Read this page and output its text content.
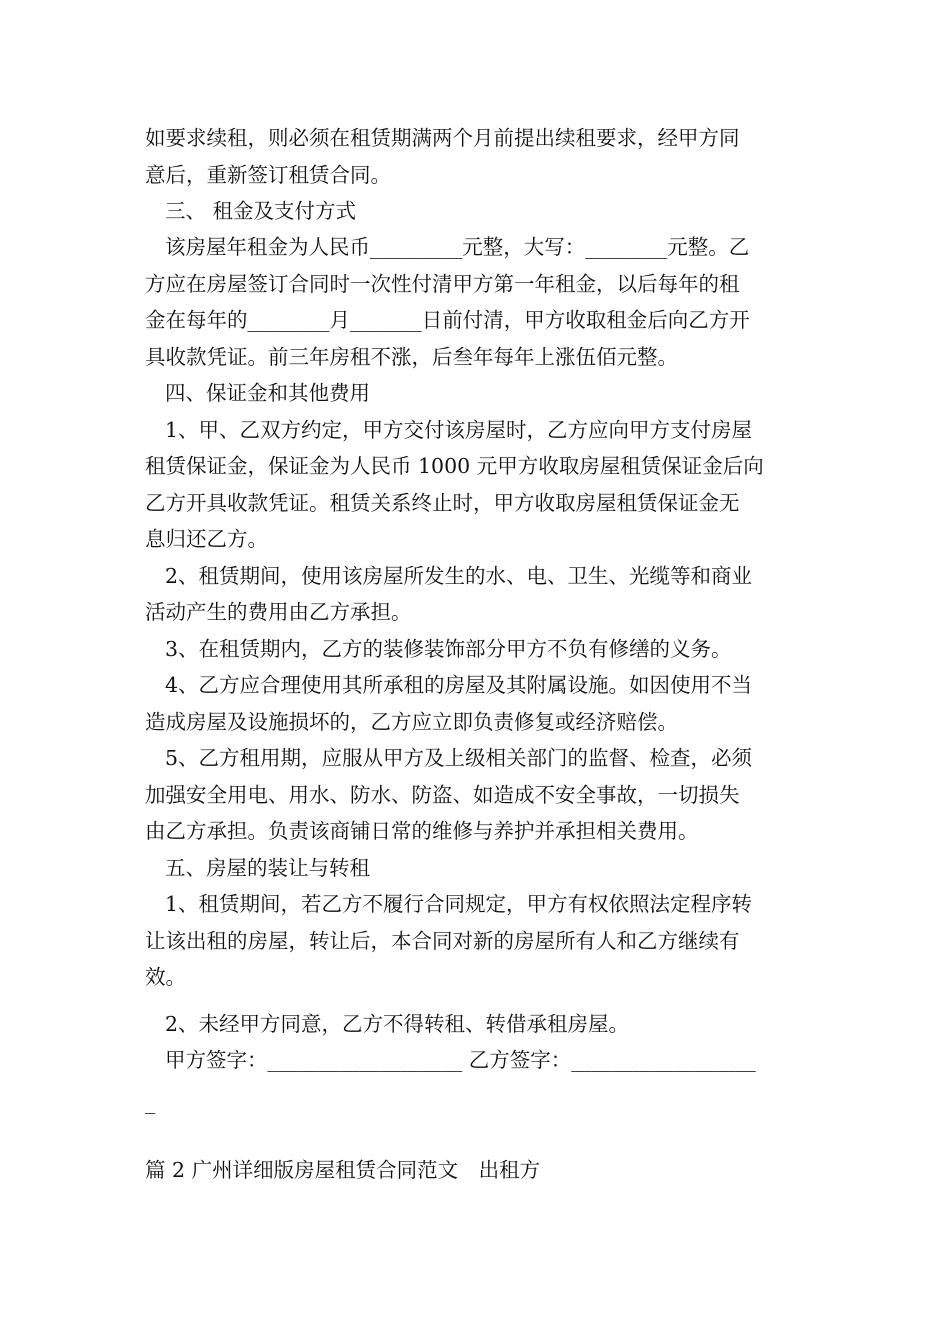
如要求续租，则必须在租赁期满两个月前提出续租要求，经甲方同
意后，重新签订租赁合同。
三、 租金及支付方式
该房屋年租金为人民币_________元整，大写：________元整。乙
方应在房屋签订合同时一次性付清甲方第一年租金，以后每年的租
金在每年的________月_______日前付清，甲方收取租金后向乙方开
具收款凭证。前三年房租不涨，后叁年每年上涨伍佰元整。
四、保证金和其他费用
1、甲、乙双方约定，甲方交付该房屋时，乙方应向甲方支付房屋
租赁保证金，保证金为人民币 1000 元甲方收取房屋租赁保证金后向
乙方开具收款凭证。租赁关系终止时，甲方收取房屋租赁保证金无
息归还乙方。
2、租赁期间，使用该房屋所发生的水、电、卫生、光缆等和商业
活动产生的费用由乙方承担。
3、在租赁期内，乙方的装修装饰部分甲方不负有修缮的义务。
4、乙方应合理使用其所承租的房屋及其附属设施。如因使用不当
造成房屋及设施损坏的，乙方应立即负责修复或经济赔偿。
5、乙方租用期，应服从甲方及上级相关部门的监督、检查，必须
加强安全用电、用水、防水、防盗、如造成不安全事故，一切损失
由乙方承担。负责该商铺日常的维修与养护并承担相关费用。
五、房屋的装让与转租
1、租赁期间，若乙方不履行合同规定，甲方有权依照法定程序转
让该出租的房屋，转让后，本合同对新的房屋所有人和乙方继续有
效。
2、未经甲方同意，乙方不得转租、转借承租房屋。
甲方签字：___________________ 乙方签字：__________________
_
篇 2 广州详细版房屋租赁合同范文　出租方
